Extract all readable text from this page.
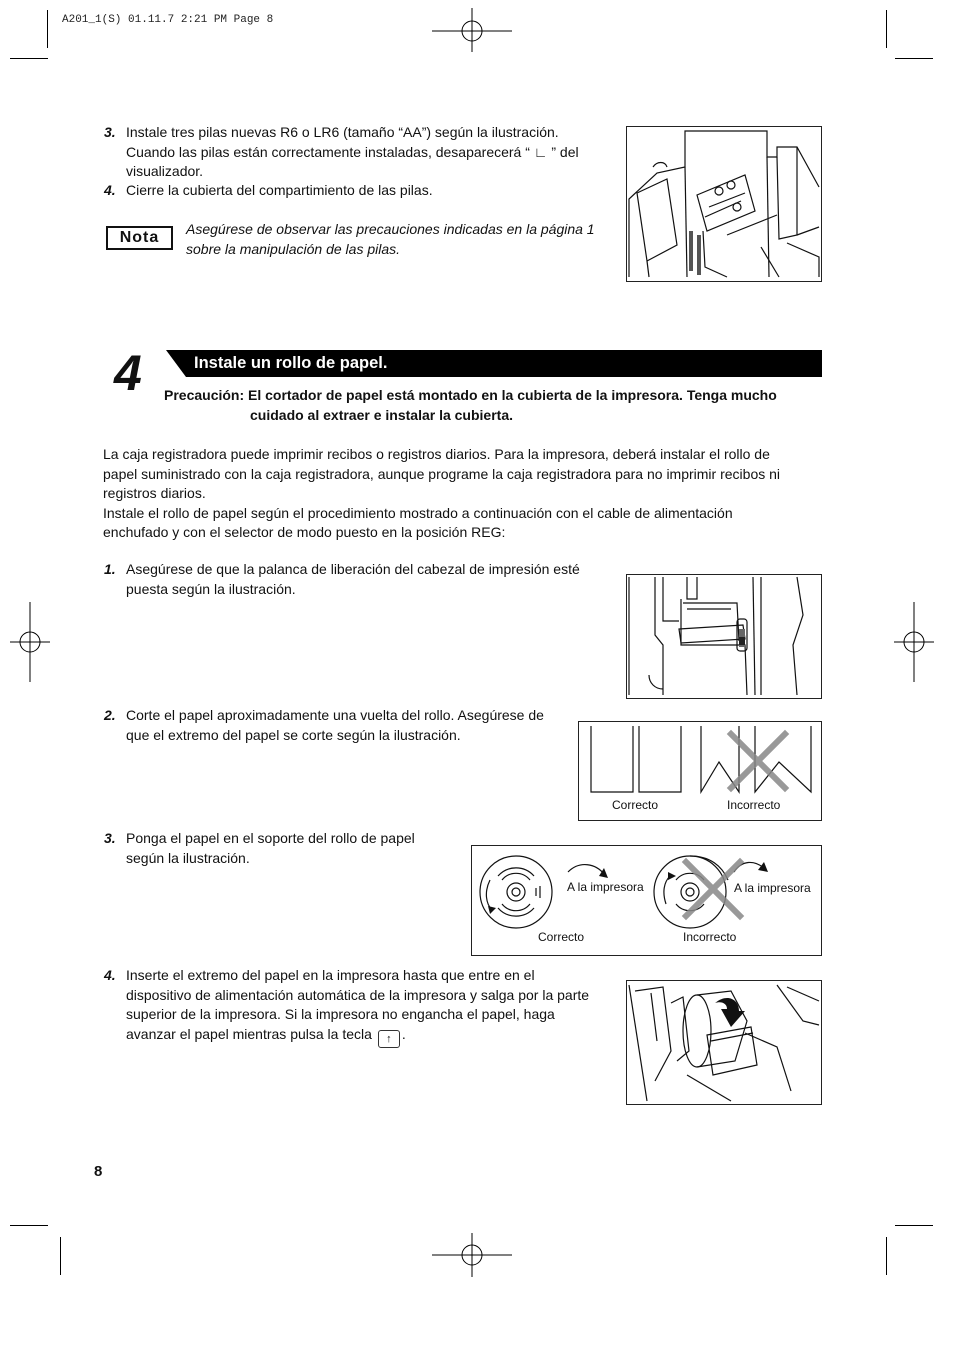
A201_1(S) 01.11.7 2:21 PM Page 8
3. Instale tres pilas nuevas R6 o LR6 (tamaño “AA”) según la ilustración.
Cuando las pilas están correctamente instaladas, desaparecerá “ ∟ ” del
visualizador.
4. Cierre la cubierta del compartimiento de las pilas.
Nota Asegúrese de observar las precauciones indicadas en la página 1
sobre la manipulación de las pilas.
4	Instale un rollo de papel.
Precaución: El cortador de papel está montado en la cubierta de la impresora. Tenga mucho
cuidado al extraer e instalar la cubierta.
La caja registradora puede imprimir recibos o registros diarios. Para la impresora, deberá instalar el rollo de
papel suministrado con la caja registradora, aunque programe la caja registradora para no imprimir recibos ni
registros diarios.
Instale el rollo de papel según el procedimiento mostrado a continuación con el cable de alimentación
enchufado y con el selector de modo puesto en la posición REG:
1. Asegúrese de que la palanca de liberación del cabezal de impresión esté
puesta según la ilustración.
2. Corte el papel aproximadamente una vuelta del rollo. Asegúrese de
que el extremo del papel se corte según la ilustración.
Correcto	Incorrecto
3. Ponga el papel en el soporte del rollo de papel
según la ilustración.
A la impresora	A la impresora
Correcto	Incorrecto
4. Inserte el extremo del papel en la impresora hasta que entre en el
dispositivo de alimentación automática de la impresora y salga por la parte
superior de la impresora. Si la impresora no engancha el papel, haga
avanzar el papel mientras pulsa la tecla ↑ .
8
